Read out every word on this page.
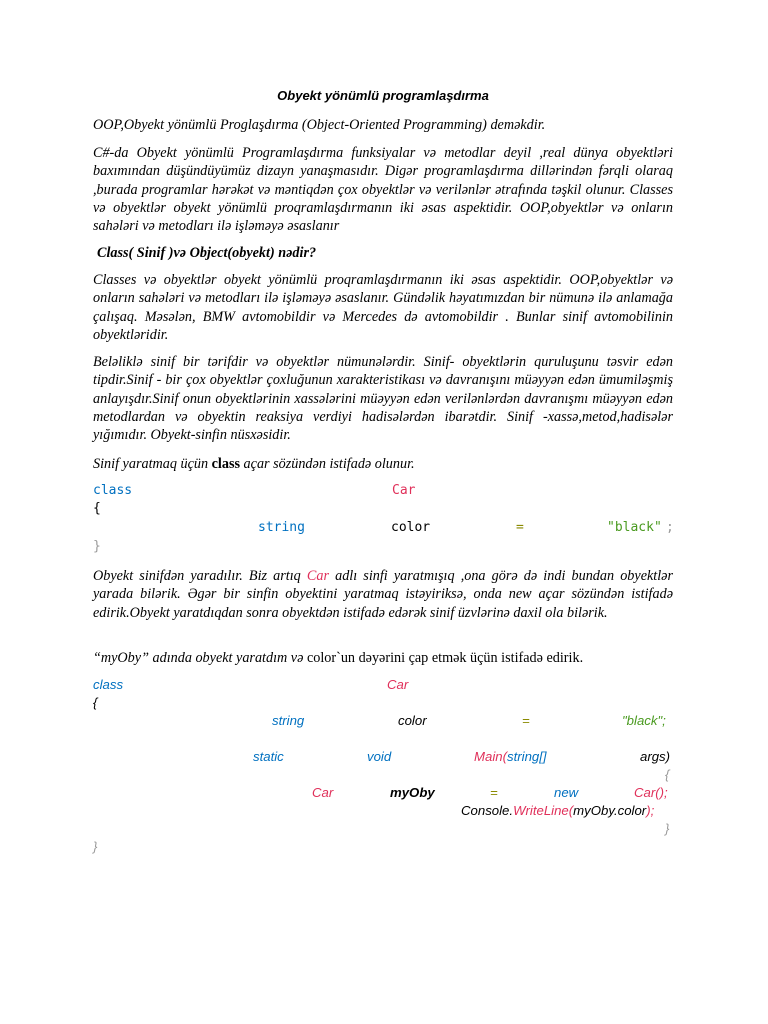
Obyekt yönümlü programlaşdırma
OOP,Obyekt yönümlü Proglaşdırma (Object-Oriented Programming) deməkdir.
C#-da Obyekt yönümlü Programlaşdırma funksiyalar və metodlar deyil ,real dünya obyektləri baxımından düşündüyümüz dizayn yanaşmasıdır. Digər programlaşdırma dillərindən fərqli olaraq ,burada programlar hərəkət və məntiqdən çox obyektlər və verilənlər ətrafında təşkil olunur. Classes və obyektlər obyekt yönümlü proqramlaşdırmanın iki əsas aspektidir. OOP,obyektlər və onların sahələri və metodları ilə işləməyə əsaslanır
Class( Sinif )və Object(obyekt) nədir?
Classes və obyektlər obyekt yönümlü proqramlaşdırmanın iki əsas aspektidir. OOP,obyektlər və onların sahələri və metodları ilə işləməyə əsaslanır. Gündəlik həyatımızdan bir nümunə ilə anlamağa çalışaq. Məsələn, BMW avtomobildir və Mercedes də avtomobildir . Bunlar sinif avtomobilinin obyektləridir.
Beləliklə sinif bir tərifdir və obyektlər nümunələrdir. Sinif- obyektlərin quruluşunu təsvir edən tipdir.Sinif - bir çox obyektlər çoxluğunun xarakteristikası və davranışını müəyyən edən ümumiləşmiş anlayışdır.Sinif onun obyektlərinin xassələrini müəyyən edən verilənlərdən davranışmı müəyyən edən metodlardan və obyektin reaksiya verdiyi hadisələrdən ibarətdir. Sinif -xassə,metod,hadisələr yığımıdır. Obyekt-sinfin nüsxəsidir.
Sinif yaratmaq üçün class açar sözündən istifadə olunur.
class	Car
{
string	color	=	"black" ;
}
Obyekt sinifdən yaradılır. Biz artıq Car adlı sinfi yaratmışıq ,ona görə də indi bundan obyektlər yarada bilərik. Əgər bir sinfin obyektini yaratmaq istəyiriksə, onda new açar sözündən istifadə edirik.Obyekt yaratdıqdan sonra obyektdən istifadə edərək sinif üzvlərinə daxil ola bilərik.
“myOby” adında obyekt yaratdım və color`un dəyərini çap etmək üçün istifadə edirik.
class	Car
{
string	color	=	"black";
static	void	Main(string[]	args)
{
Car	myOby	=	new	Car();
Console.WriteLine(myOby.color);
}
}
